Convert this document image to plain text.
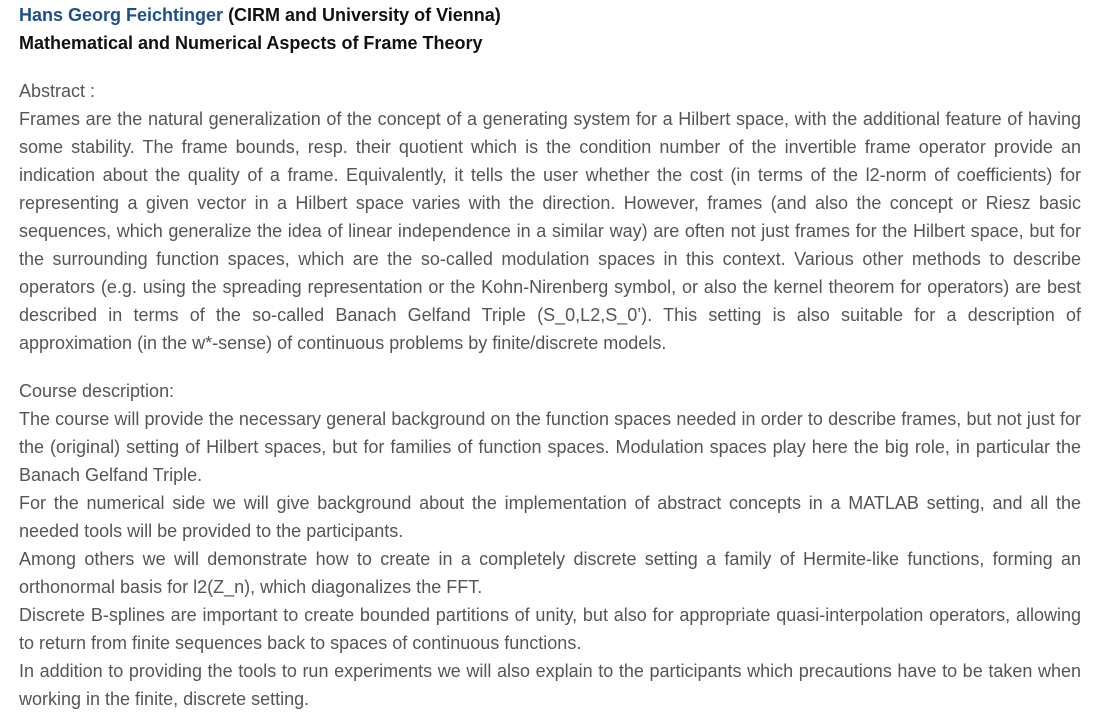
Hans Georg Feichtinger (CIRM and University of Vienna)
Mathematical and Numerical Aspects of Frame Theory
Abstract :

Frames are the natural generalization of the concept of a generating system for a Hilbert space, with the additional feature of having some stability. The frame bounds, resp. their quotient which is the condition number of the invertible frame operator provide an indication about the quality of a frame. Equivalently, it tells the user whether the cost (in terms of the l2-norm of coefficients) for representing a given vector in a Hilbert space varies with the direction. However, frames (and also the concept or Riesz basic sequences, which generalize the idea of linear independence in a similar way) are often not just frames for the Hilbert space, but for the surrounding function spaces, which are the so-called modulation spaces in this context. Various other methods to describe operators (e.g. using the spreading representation or the Kohn-Nirenberg symbol, or also the kernel theorem for operators) are best described in terms of the so-called Banach Gelfand Triple (S_0,L2,S_0’). This setting is also suitable for a description of approximation (in the w*-sense) of continuous problems by finite/discrete models.

Course description:

The course will provide the necessary general background on the function spaces needed in order to describe frames, but not just for the (original) setting of Hilbert spaces, but for families of function spaces. Modulation spaces play here the big role, in particular the Banach Gelfand Triple.

For the numerical side we will give background about the implementation of abstract concepts in a MATLAB setting, and all the needed tools will be provided to the participants.

Among others we will demonstrate how to create in a completely discrete setting a family of Hermite-like functions, forming an orthonormal basis for l2(Z_n), which diagonalizes the FFT.

Discrete B-splines are important to create bounded partitions of unity, but also for appropriate quasi-interpolation operators, allowing to return from finite sequences back to spaces of continuous functions.

In addition to providing the tools to run experiments we will also explain to the participants which precautions have to be taken when working in the finite, discrete setting.
